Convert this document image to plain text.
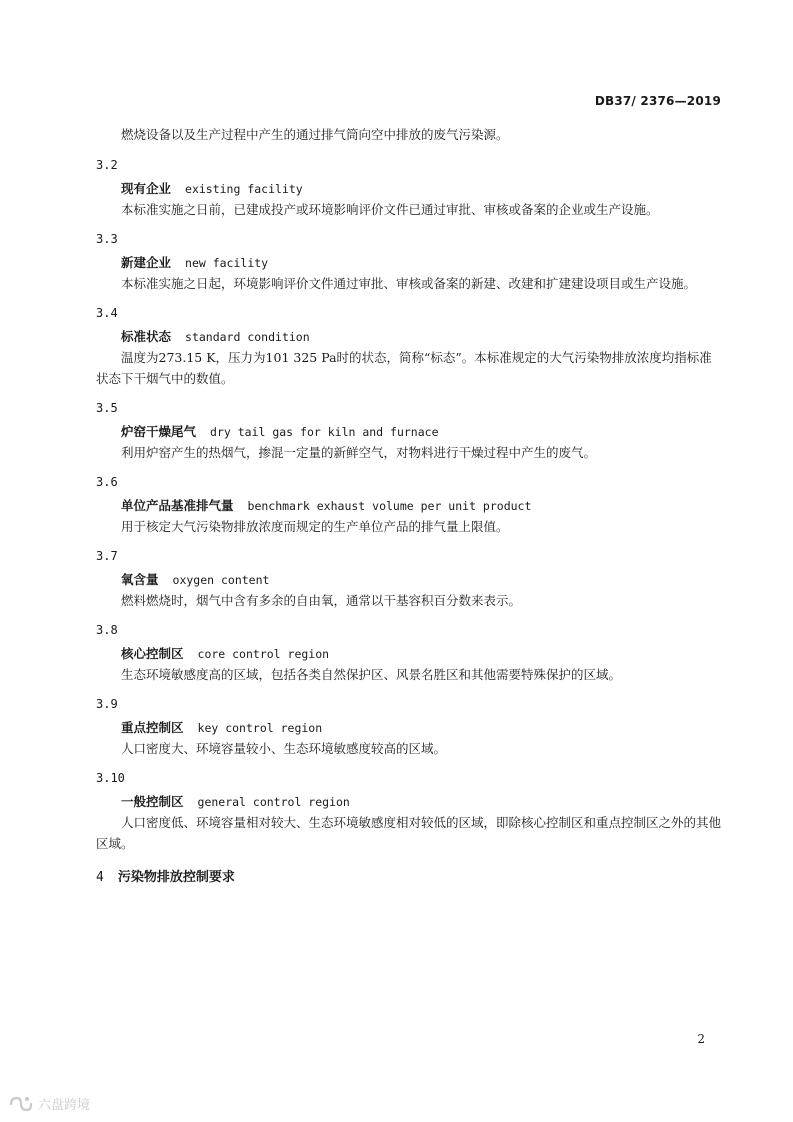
DB37/ 2376—2019

燃烧设备以及生产过程中产生的通过排气筒向空中排放的废气污染源。

3.2
现有企业 existing facility

本标准实施之日前，已建成投产或环境影响评价文件已通过审批、审核或备案的企业或生产设施。

3.3
新建企业 new facility

本标准实施之日起，环境影响评价文件通过审批、审核或备案的新建、改建和扩建建设项目或生产设施。

3.4
标准状态 standard condition

温度为273.15 K，压力为101 325 Pa时的状态，简称“标态”。本标准规定的大气污染物排放浓度均指标准状态下干烟气中的数值。

3.5
炉窑干燥尾气 dry tail gas for kiln and furnace

利用炉窑产生的热烟气，掺混一定量的新鲜空气，对物料进行干燥过程中产生的废气。

3.6
单位产品基准排气量 benchmark exhaust volume per unit product

用于核定大气污染物排放浓度而规定的生产单位产品的排气量上限值。

3.7
氧含量 oxygen content

燃料燃烧时，烟气中含有多余的自由氧，通常以干基容积百分数来表示。

3.8
核心控制区 core control region

生态环境敏感度高的区域，包括各类自然保护区、风景名胜区和其他需要特殊保护的区域。

3.9
重点控制区 key control region

人口密度大、环境容量较小、生态环境敏感度较高的区域。

3.10
一般控制区 general control region

人口密度低、环境容量相对较大、生态环境敏感度相对较低的区域，即除核心控制区和重点控制区之外的其他区域。

4 污染物排放控制要求
2
六盘跨境
